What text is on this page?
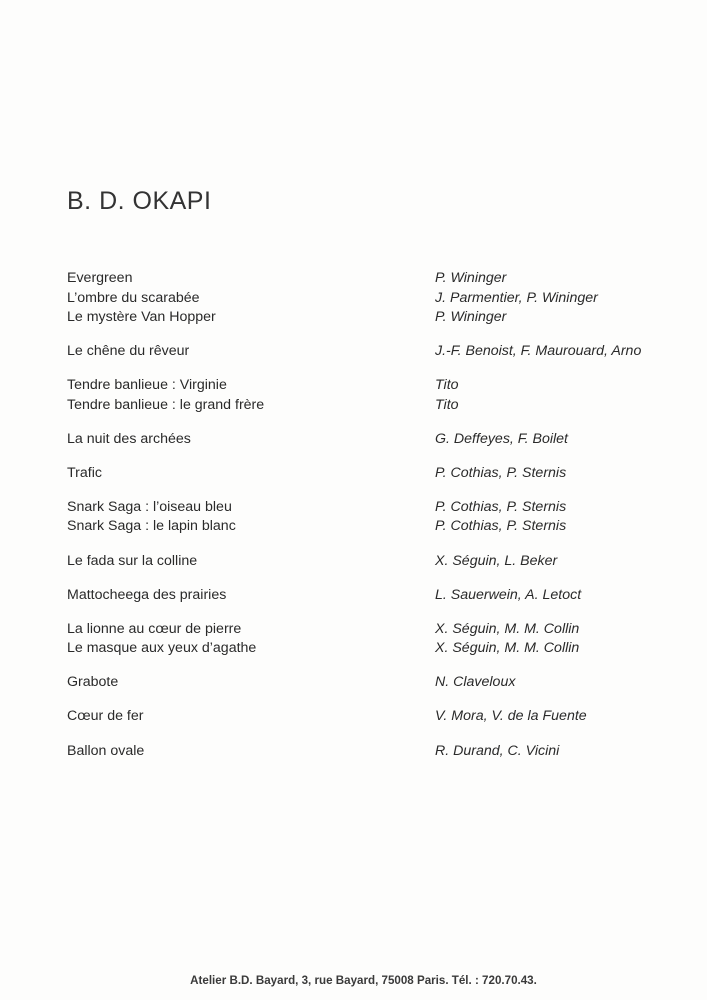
B. D. OKAPI
Evergreen	P. Wininger
L’ombre du scarabée	J. Parmentier, P. Wininger
Le mystère Van Hopper	P. Wininger
Le chêne du rêveur	J.-F. Benoist, F. Maurouard, Arno
Tendre banlieue : Virginie	Tito
Tendre banlieue : le grand frère	Tito
La nuit des archées	G. Deffeyes, F. Boilet
Trafic	P. Cothias, P. Sternis
Snark Saga : l’oiseau bleu	P. Cothias, P. Sternis
Snark Saga : le lapin blanc	P. Cothias, P. Sternis
Le fada sur la colline	X. Séguin, L. Beker
Mattocheega des prairies	L. Sauerwein, A. Letoct
La lionne au cœur de pierre	X. Séguin, M. M. Collin
Le masque aux yeux d’agathe	X. Séguin, M. M. Collin
Grabote	N. Claveloux
Cœur de fer	V. Mora, V. de la Fuente
Ballon ovale	R. Durand, C. Vicini
Atelier B.D. Bayard, 3, rue Bayard, 75008 Paris. Tél. : 720.70.43.
